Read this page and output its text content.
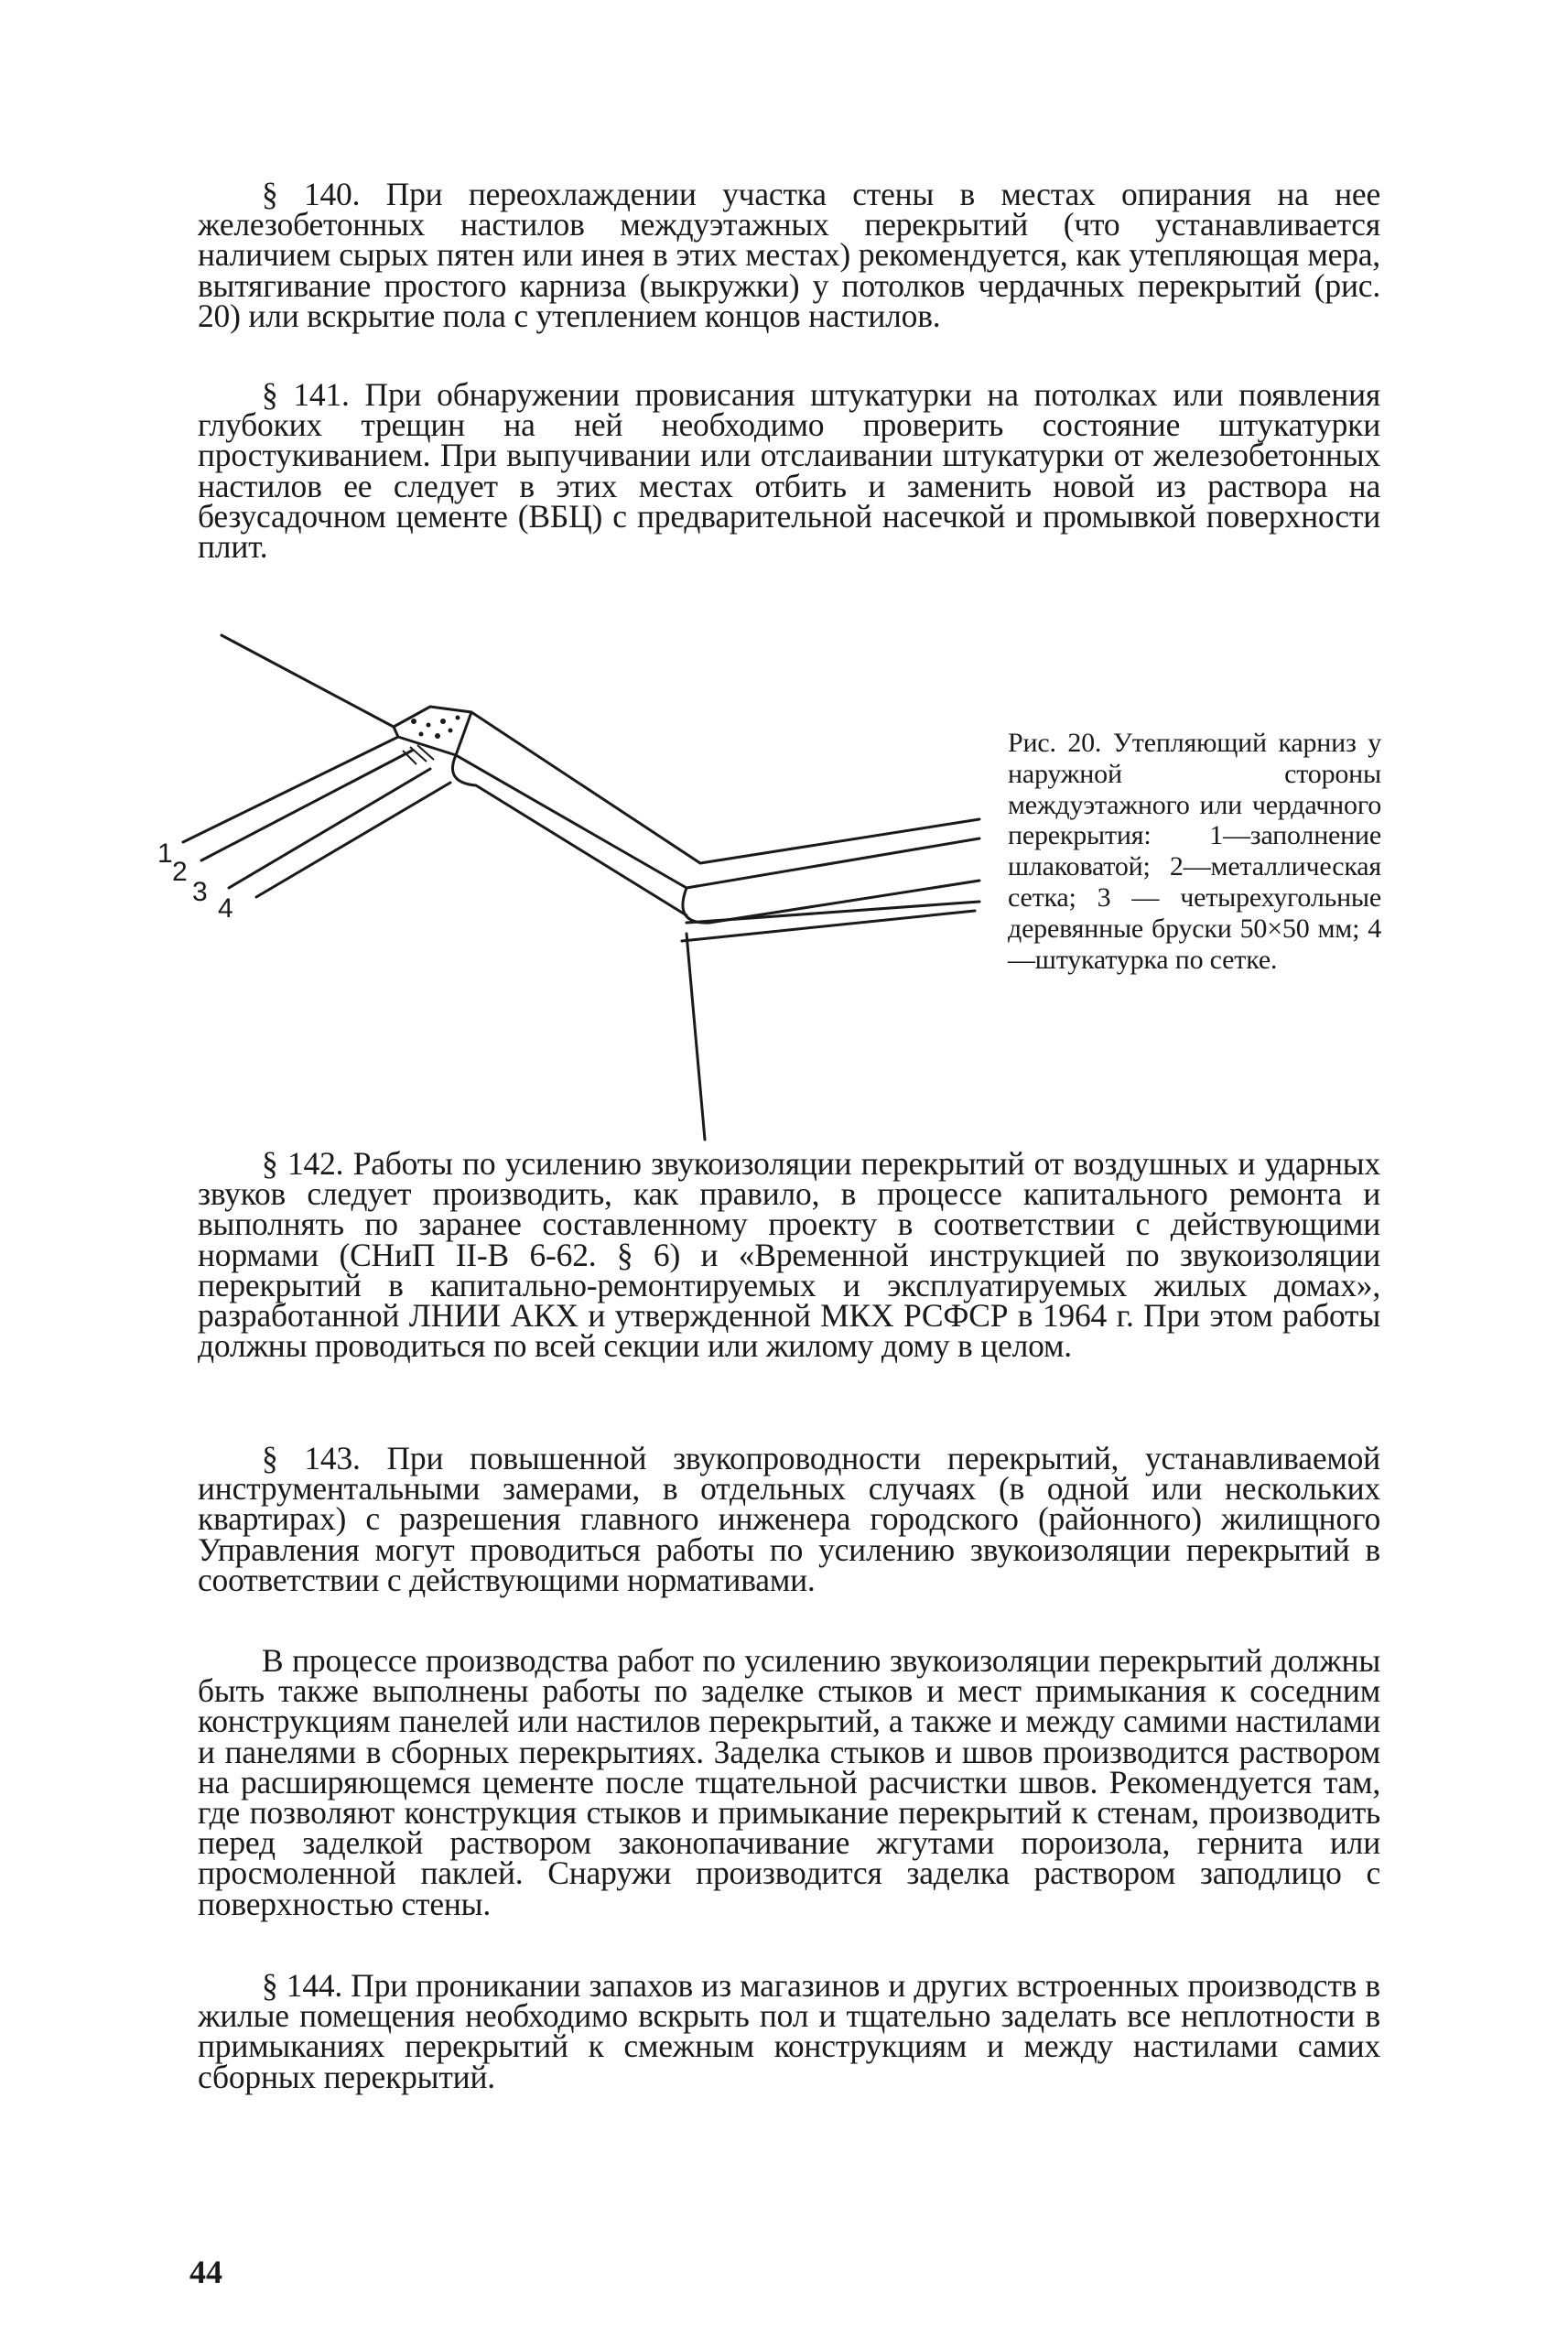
§ 140. При переохлаждении участка стены в местах опирания на нее железобетонных настилов междуэтажных перекрытий (что устанавливается наличием сырых пятен или инея в этих местах) рекомендуется, как утепляющая мера, вытягивание простого карниза (выкружки) у потолков чердачных перекрытий (рис. 20) или вскрытие пола с утеплением концов настилов.

§ 141. При обнаружении провисания штукатурки на потолках или появления глубоких трещин на ней необходимо проверить состояние штукатурки простукиванием. При выпучивании или отслаивании штукатурки от железобетонных настилов ее следует в этих местах отбить и заменить новой из раствора на безусадочном цементе (ВБЦ) с предварительной насечкой и промывкой поверхности плит.

1
2
3
4

Рис. 20. Утепляющий карниз у наружной стороны междуэтажного или чердачного перекрытия: 1—заполнение шлаковатой; 2—металлическая сетка; 3 — четырехугольные деревянные бруски 50×50 мм; 4—штукатурка по сетке.

§ 142. Работы по усилению звукоизоляции перекрытий от воздушных и ударных звуков следует производить, как правило, в процессе капитального ремонта и выполнять по заранее составленному проекту в соответствии с действующими нормами (СНиП II-В 6-62. § 6) и «Временной инструкцией по звукоизоляции перекрытий в капитально-ремонтируемых и эксплуатируемых жилых домах», разработанной ЛНИИ АКХ и утвержденной МКХ РСФСР в 1964 г. При этом работы должны проводиться по всей секции или жилому дому в целом.

§ 143. При повышенной звукопроводности перекрытий, устанавливаемой инструментальными замерами, в отдельных случаях (в одной или нескольких квартирах) с разрешения главного инженера городского (районного) жилищного Управления могут проводиться работы по усилению звукоизоляции перекрытий в соответствии с действующими нормативами.

В процессе производства работ по усилению звукоизоляции перекрытий должны быть также выполнены работы по заделке стыков и мест примыкания к соседним конструкциям панелей или настилов перекрытий, а также и между самими настилами и панелями в сборных перекрытиях. Заделка стыков и швов производится раствором на расширяющемся цементе после тщательной расчистки швов. Рекомендуется там, где позволяют конструкция стыков и примыкание перекрытий к стенам, производить перед заделкой раствором законопачивание жгутами пороизола, гернита или просмоленной паклей. Снаружи производится заделка раствором заподлицо с поверхностью стены.

§ 144. При проникании запахов из магазинов и других встроенных производств в жилые помещения необходимо вскрыть пол и тщательно заделать все неплотности в примыканиях перекрытий к смежным конструкциям и между настилами самих сборных перекрытий.

44
